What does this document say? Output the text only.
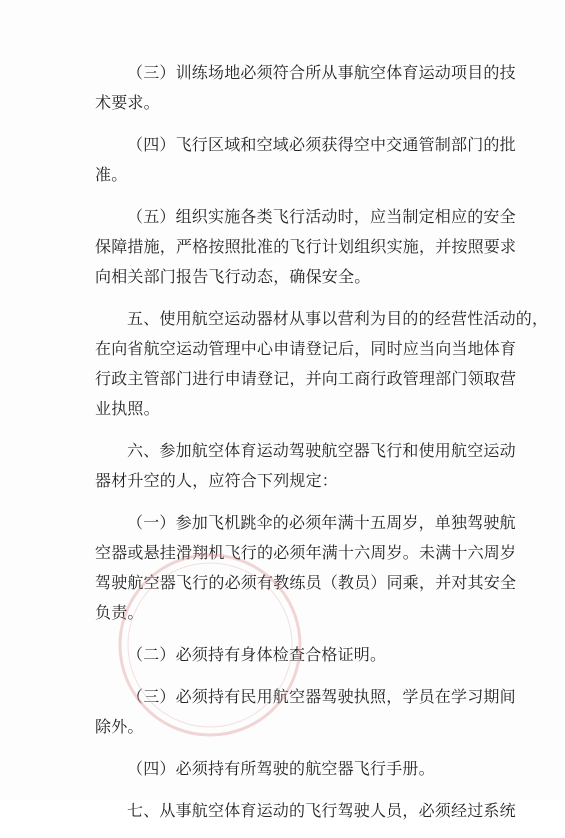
（三）训练场地必须符合所从事航空体育运动项目的技
术要求。

（四）飞行区域和空域必须获得空中交通管制部门的批
准。

（五）组织实施各类飞行活动时，应当制定相应的安全
保障措施，严格按照批准的飞行计划组织实施，并按照要求
向相关部门报告飞行动态，确保安全。

五、使用航空运动器材从事以营利为目的的经营性活动的，
在向省航空运动管理中心申请登记后，同时应当向当地体育
行政主管部门进行申请登记，并向工商行政管理部门领取营
业执照。

六、参加航空体育运动驾驶航空器飞行和使用航空运动
器材升空的人，应符合下列规定：

（一）参加飞机跳伞的必须年满十五周岁，单独驾驶航
空器或悬挂滑翔机飞行的必须年满十六周岁。未满十六周岁
驾驶航空器飞行的必须有教练员（教员）同乘，并对其安全
负责。

（二）必须持有身体检查合格证明。

（三）必须持有民用航空器驾驶执照，学员在学习期间
除外。

（四）必须持有所驾驶的航空器飞行手册。

七、从事航空体育运动的飞行驾驶人员，必须经过系统
